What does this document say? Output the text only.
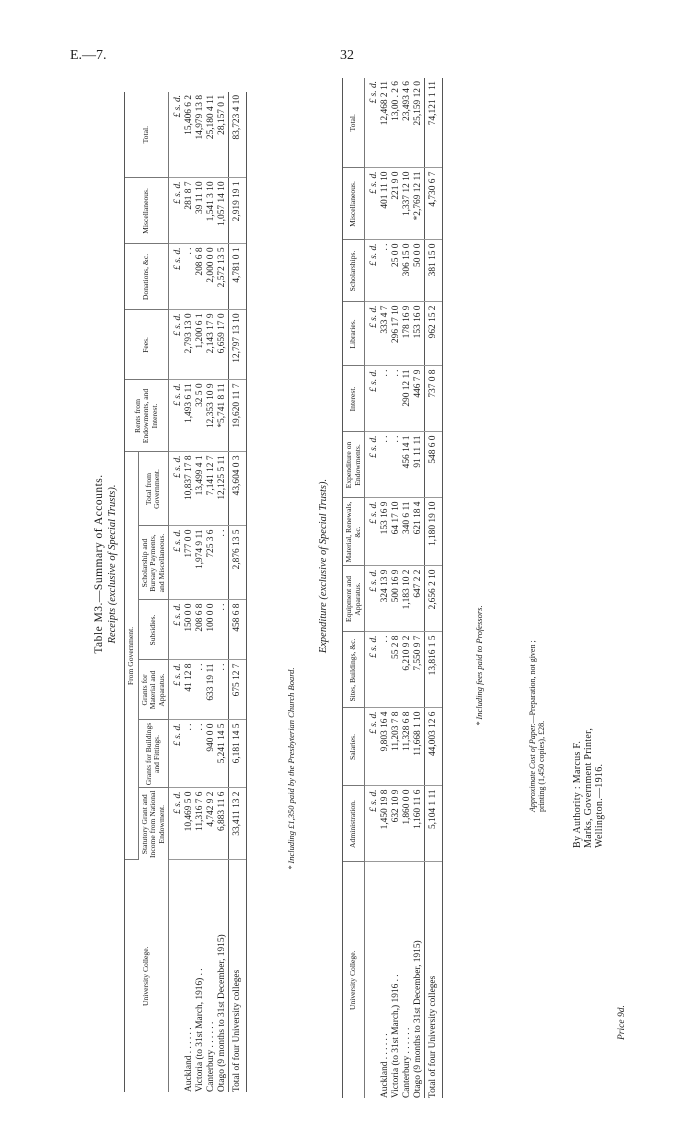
E.—7.	32
Table M3.—Summary of Accounts. Receipts (exclusive of Special Trusts).
University College.	From Government.						Rents from Endowments, and Interest.	Fees.	Donations, &c.	Miscellaneous.	Total.
	Statutory Grant and Income from National Endowment.	Grants for Buildings and Fittings.	Grants for Material and Apparatus.	Subsidies.	Scholarship and Bursary Payments, and Miscellaneous.	Total from Government.					
	£ s. d.	£ s. d.	£ s. d.	£ s. d.	£ s. d.	£ s. d.	£ s. d.	£ s. d.	£ s. d.	£ s. d.	£ s. d.
Auckland . . . . . .	10,469 5 0	. .	41 12 8	150 0 0	177 0 0	10,837 17 8	1,493 6 11	2,793 13 0	. .	281 8 7	15,406 6 2
Victoria (to 31st March, 1916) . .	11,316 7 6	. .	. .	208 6 8	1,974 9 11	13,499 4 1	32 5 0	1,200 6 1	208 6 8	39 11 10	14,979 13 8
Canterbury . . . . . .	4,742 9 2	940 0 0	633 19 11	100 0 0	725 3 6	7,141 12 7	12,353 10 9	2,143 17 9	2,000 0 0	1,541 3 10	25,180 4 11
Otago (9 months to 31st December, 1915)	6,883 11 6	5,241 14 5	. .	. .	. .	12,125 5 11	*5,741 8 11	6,659 17 0	2,572 13 5	1,057 14 10	28,157 0 1
Total of four University colleges	33,411 13 2	6,181 14 5	675 12 7	458 6 8	2,876 13 5	43,604 0 3	19,620 11 7	12,797 13 10	4,781 0 1	2,919 19 1	83,723 4 10
* Including £1,350 paid by the Presbyterian Church Board.
Expenditure (exclusive of Special Trusts).
University College.	Administration.	Salaries.	Sites, Buildings, &c.	Equipment and Apparatus.	Material, Renewals, &c.	Expenditure on Endowments.	Interest.	Libraries.	Scholarships.	Miscellaneous.	Total.
	£ s. d.	£ s. d.	£ s. d.	£ s. d.	£ s. d.	£ s. d.	£ s. d.	£ s. d.	£ s. d.	£ s. d.	£ s. d.
Auckland . . . . . .	1,450 19 8	9,803 16 4	. .	324 13 9	153 16 9	. .	. .	333 4 7	. .	401 11 10	12,468 2 11
Victoria (to 31st March,) 1916 . .	632 10 9	11,203 7 8	55 2 8	500 16 9	64 17 10	. .	. .	296 17 10	25 0 0	221 9 0	13,00 . 2 6
Canterbury . . . . . .	1,860 0 0	11,328 6 8	6,210 9 2	1,183 10 2	340 6 11	456 14 1	290 12 11	178 16 9	306 15 0	1,337 12 10	23,493 4 6
Otago (9 months to 31st December, 1915)	1,160 11 6	11,668 1 10	7,550 9 7	647 2 2	621 18 4	91 11 11	446 7 9	153 16 0	50 0 0	*2,769 12 11	25,159 12 0
Total of four University colleges	5,104 1 11	44,003 12 6	13,816 1 5	2,656 2 10	1,180 19 10	548 6 0	737 0 8	962 15 2	381 15 0	4,730 6 7	74,121 1 11
* Including fees paid to Professors.
Approximate Cost of Paper.—Preparation, not given ; printing (1,450 copies), £28.	By Authority : Marcus F. Marks, Government Printer, Wellington.—1916.
Price 9d.
